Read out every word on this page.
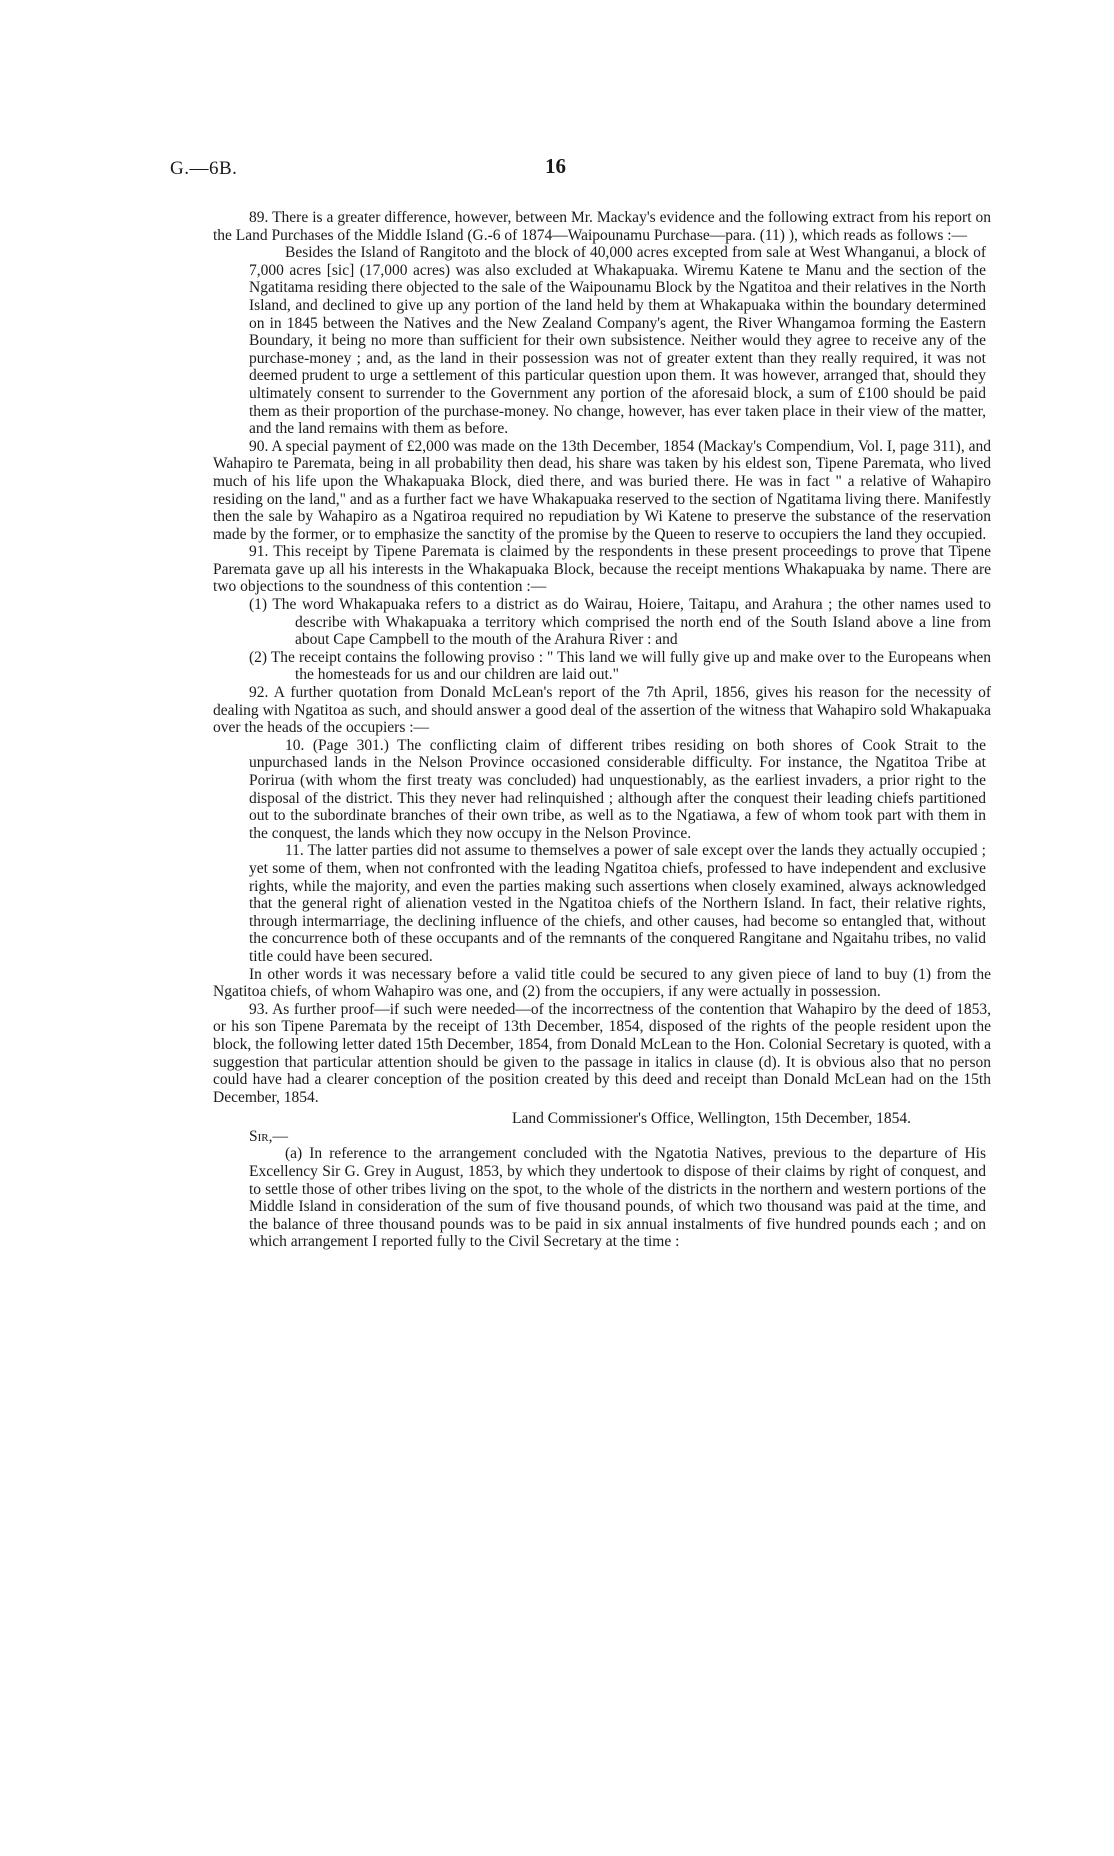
G.—6B.	16

89. There is a greater difference, however, between Mr. Mackay's evidence and the following extract from his report on the Land Purchases of the Middle Island (G.-6 of 1874—Waipounamu Purchase—para. (11) ), which reads as follows :—

Besides the Island of Rangitoto and the block of 40,000 acres excepted from sale at West Whanganui, a block of 7,000 acres [sic] (17,000 acres) was also excluded at Whakapuaka. Wiremu Katene te Manu and the section of the Ngatitama residing there objected to the sale of the Waipounamu Block by the Ngatitoa and their relatives in the North Island, and declined to give up any portion of the land held by them at Whakapuaka within the boundary determined on in 1845 between the Natives and the New Zealand Company's agent, the River Whangamoa forming the Eastern Boundary, it being no more than sufficient for their own subsistence. Neither would they agree to receive any of the purchase-money ; and, as the land in their possession was not of greater extent than they really required, it was not deemed prudent to urge a settlement of this particular question upon them. It was however, arranged that, should they ultimately consent to surrender to the Government any portion of the aforesaid block, a sum of £100 should be paid them as their proportion of the purchase-money. No change, however, has ever taken place in their view of the matter, and the land remains with them as before.

90. A special payment of £2,000 was made on the 13th December, 1854 (Mackay's Compendium, Vol. I, page 311), and Wahapiro te Paremata, being in all probability then dead, his share was taken by his eldest son, Tipene Paremata, who lived much of his life upon the Whakapuaka Block, died there, and was buried there. He was in fact " a relative of Wahapiro residing on the land," and as a further fact we have Whakapuaka reserved to the section of Ngatitama living there. Manifestly then the sale by Wahapiro as a Ngatiroa required no repudiation by Wi Katene to preserve the substance of the reservation made by the former, or to emphasize the sanctity of the promise by the Queen to reserve to occupiers the land they occupied.

91. This receipt by Tipene Paremata is claimed by the respondents in these present proceedings to prove that Tipene Paremata gave up all his interests in the Whakapuaka Block, because the receipt mentions Whakapuaka by name. There are two objections to the soundness of this contention :—

(1) The word Whakapuaka refers to a district as do Wairau, Hoiere, Taitapu, and Arahura ; the other names used to describe with Whakapuaka a territory which comprised the north end of the South Island above a line from about Cape Campbell to the mouth of the Arahura River : and

(2) The receipt contains the following proviso : " This land we will fully give up and make over to the Europeans when the homesteads for us and our children are laid out."

92. A further quotation from Donald McLean's report of the 7th April, 1856, gives his reason for the necessity of dealing with Ngatitoa as such, and should answer a good deal of the assertion of the witness that Wahapiro sold Whakapuaka over the heads of the occupiers :—

10. (Page 301.) The conflicting claim of different tribes residing on both shores of Cook Strait to the unpurchased lands in the Nelson Province occasioned considerable difficulty. For instance, the Ngatitoa Tribe at Porirua (with whom the first treaty was concluded) had unquestionably, as the earliest invaders, a prior right to the disposal of the district. This they never had relinquished ; although after the conquest their leading chiefs partitioned out to the subordinate branches of their own tribe, as well as to the Ngatiawa, a few of whom took part with them in the conquest, the lands which they now occupy in the Nelson Province.

11. The latter parties did not assume to themselves a power of sale except over the lands they actually occupied ; yet some of them, when not confronted with the leading Ngatitoa chiefs, professed to have independent and exclusive rights, while the majority, and even the parties making such assertions when closely examined, always acknowledged that the general right of alienation vested in the Ngatitoa chiefs of the Northern Island. In fact, their relative rights, through intermarriage, the declining influence of the chiefs, and other causes, had become so entangled that, without the concurrence both of these occupants and of the remnants of the conquered Rangitane and Ngaitahu tribes, no valid title could have been secured.

In other words it was necessary before a valid title could be secured to any given piece of land to buy (1) from the Ngatitoa chiefs, of whom Wahapiro was one, and (2) from the occupiers, if any were actually in possession.

93. As further proof—if such were needed—of the incorrectness of the contention that Wahapiro by the deed of 1853, or his son Tipene Paremata by the receipt of 13th December, 1854, disposed of the rights of the people resident upon the block, the following letter dated 15th December, 1854, from Donald McLean to the Hon. Colonial Secretary is quoted, with a suggestion that particular attention should be given to the passage in italics in clause (d). It is obvious also that no person could have had a clearer conception of the position created by this deed and receipt than Donald McLean had on the 15th December, 1854.

Land Commissioner's Office, Wellington, 15th December, 1854.

Sir,—

(a) In reference to the arrangement concluded with the Ngatotia Natives, previous to the departure of His Excellency Sir G. Grey in August, 1853, by which they undertook to dispose of their claims by right of conquest, and to settle those of other tribes living on the spot, to the whole of the districts in the northern and western portions of the Middle Island in consideration of the sum of five thousand pounds, of which two thousand was paid at the time, and the balance of three thousand pounds was to be paid in six annual instalments of five hundred pounds each ; and on which arrangement I reported fully to the Civil Secretary at the time :
